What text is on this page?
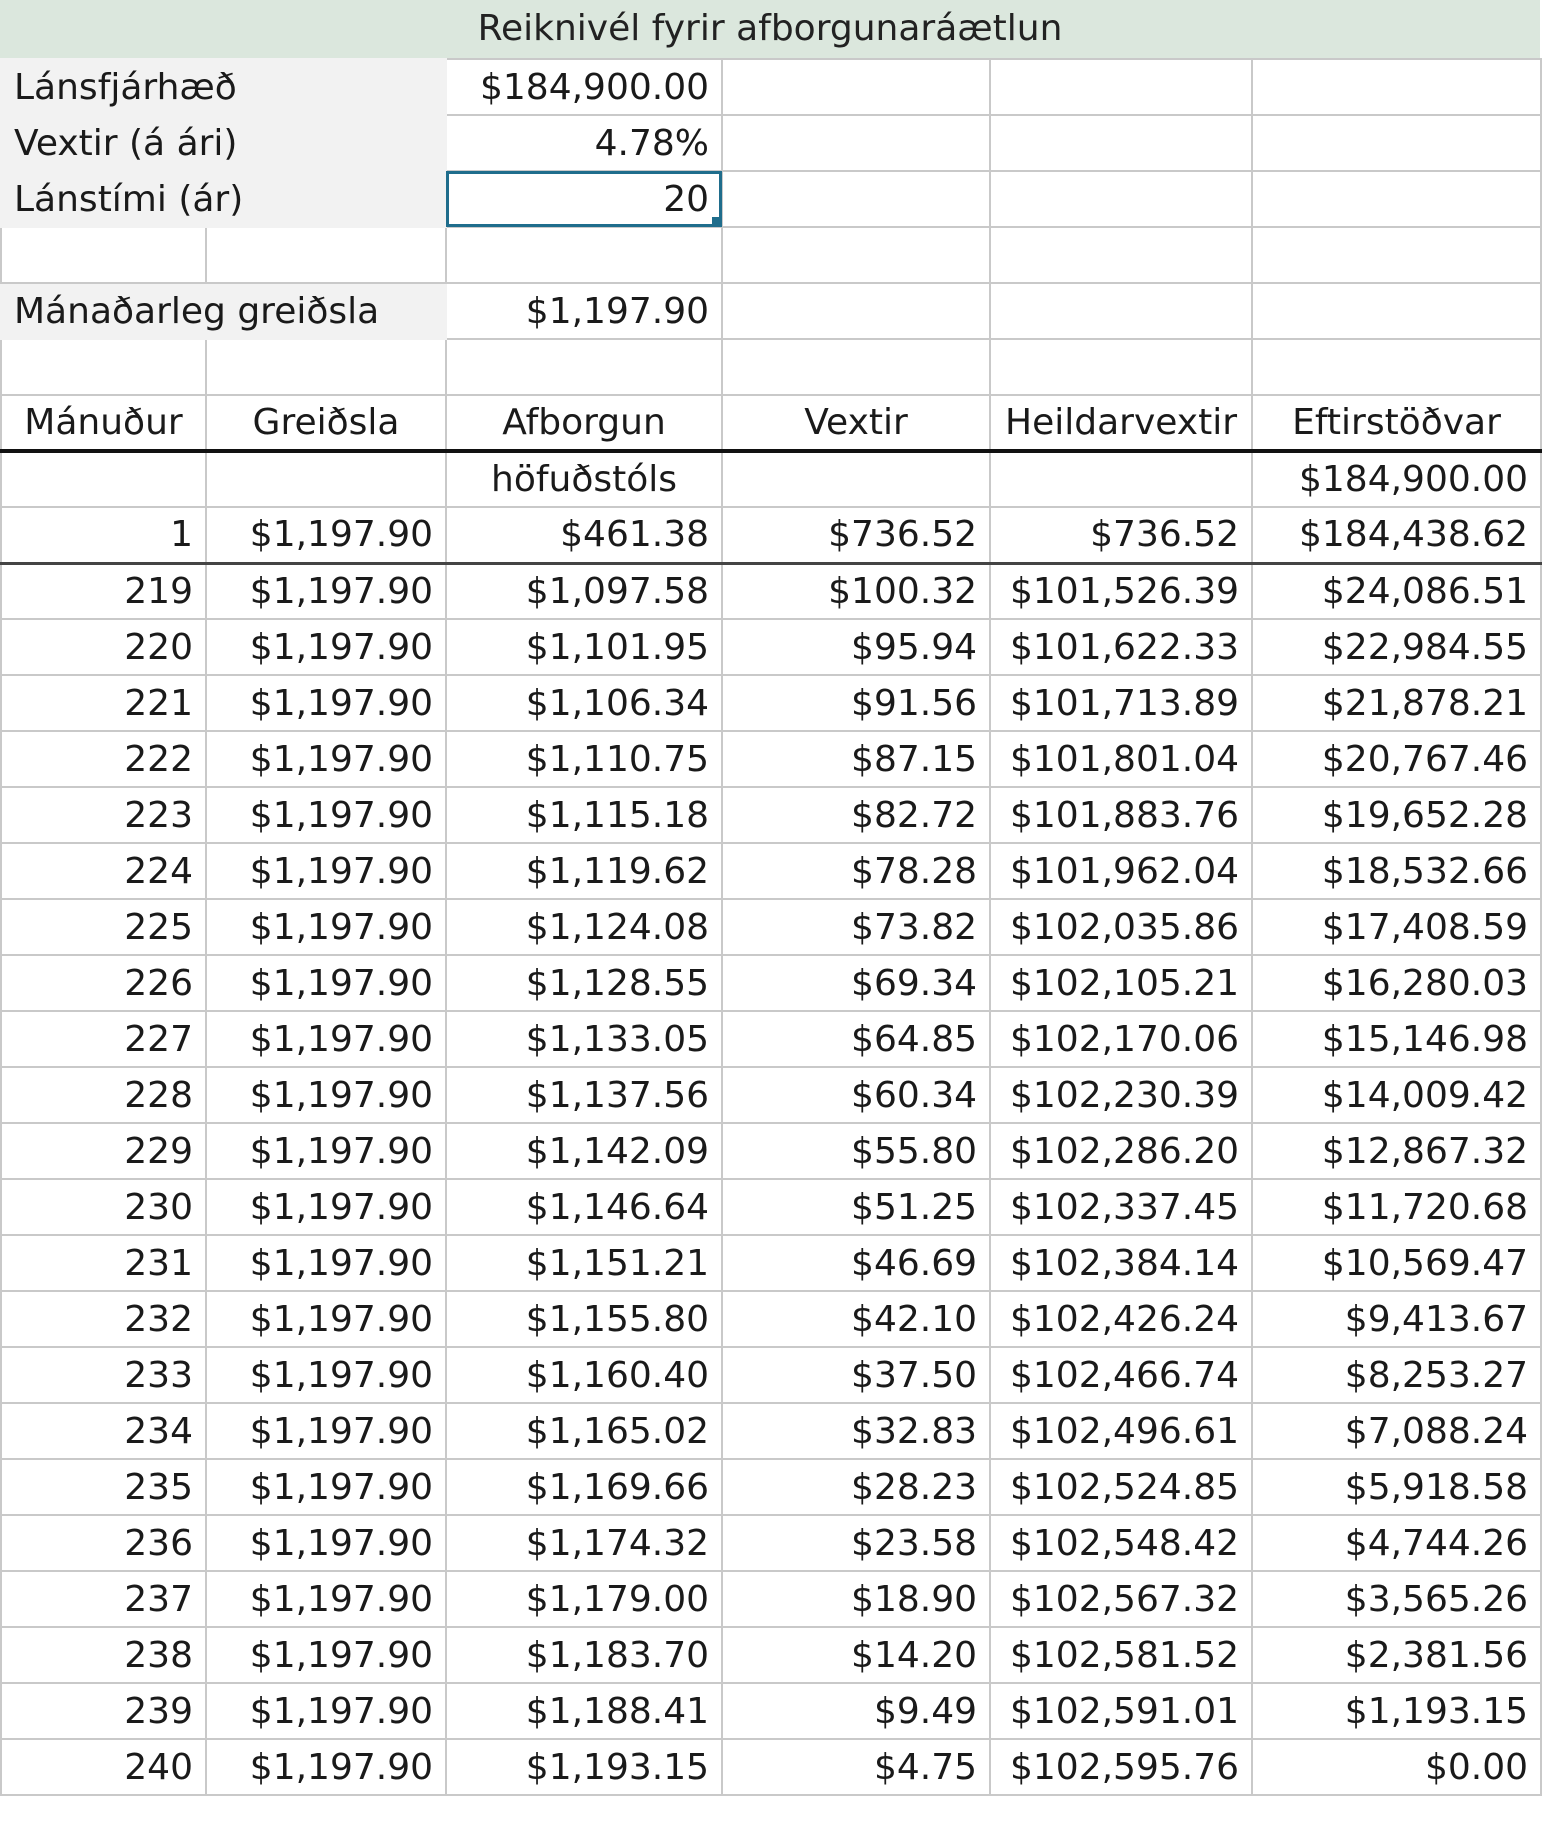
Reiknivél fyrir afborgunaráætlun
Lánsfjárhæð		$184,900.00			
Vextir (á ári)		4.78%			
Lánstími (ár)		20

Mánaðarleg greiðsla		$1,197.90			

Mánuður	Greiðsla	Afborgun	Vextir	Heildarvextir	Eftirstöðvar
		höfuðstóls			$184,900.00
1	$1,197.90	$461.38	$736.52	$736.52	$184,438.62
219	$1,197.90	$1,097.58	$100.32	$101,526.39	$24,086.51
220	$1,197.90	$1,101.95	$95.94	$101,622.33	$22,984.55
221	$1,197.90	$1,106.34	$91.56	$101,713.89	$21,878.21
222	$1,197.90	$1,110.75	$87.15	$101,801.04	$20,767.46
223	$1,197.90	$1,115.18	$82.72	$101,883.76	$19,652.28
224	$1,197.90	$1,119.62	$78.28	$101,962.04	$18,532.66
225	$1,197.90	$1,124.08	$73.82	$102,035.86	$17,408.59
226	$1,197.90	$1,128.55	$69.34	$102,105.21	$16,280.03
227	$1,197.90	$1,133.05	$64.85	$102,170.06	$15,146.98
228	$1,197.90	$1,137.56	$60.34	$102,230.39	$14,009.42
229	$1,197.90	$1,142.09	$55.80	$102,286.20	$12,867.32
230	$1,197.90	$1,146.64	$51.25	$102,337.45	$11,720.68
231	$1,197.90	$1,151.21	$46.69	$102,384.14	$10,569.47
232	$1,197.90	$1,155.80	$42.10	$102,426.24	$9,413.67
233	$1,197.90	$1,160.40	$37.50	$102,466.74	$8,253.27
234	$1,197.90	$1,165.02	$32.83	$102,496.61	$7,088.24
235	$1,197.90	$1,169.66	$28.23	$102,524.85	$5,918.58
236	$1,197.90	$1,174.32	$23.58	$102,548.42	$4,744.26
237	$1,197.90	$1,179.00	$18.90	$102,567.32	$3,565.26
238	$1,197.90	$1,183.70	$14.20	$102,581.52	$2,381.56
239	$1,197.90	$1,188.41	$9.49	$102,591.01	$1,193.15
240	$1,197.90	$1,193.15	$4.75	$102,595.76	$0.00
